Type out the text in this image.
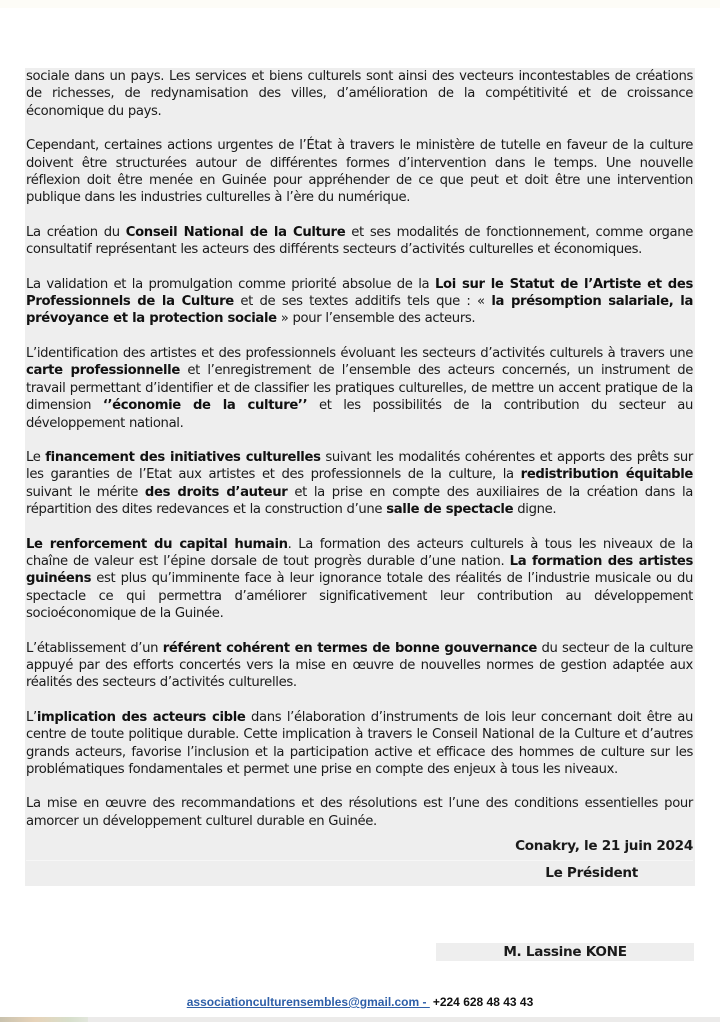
sociale dans un pays. Les services et biens culturels sont ainsi des vecteurs incontestables de créations de richesses, de redynamisation des villes, d’amélioration de la compétitivité et de croissance économique du pays.

Cependant, certaines actions urgentes de l’État à travers le ministère de tutelle en faveur de la culture doivent être structurées autour de différentes formes d’intervention dans le temps. Une nouvelle réflexion doit être menée en Guinée pour appréhender de ce que peut et doit être une intervention publique dans les industries culturelles à l’ère du numérique.

La création du Conseil National de la Culture et ses modalités de fonctionnement, comme organe consultatif représentant les acteurs des différents secteurs d’activités culturelles et économiques.

La validation et la promulgation comme priorité absolue de la Loi sur le Statut de l’Artiste et des Professionnels de la Culture et de ses textes additifs tels que : « la présomption salariale, la prévoyance et la protection sociale » pour l’ensemble des acteurs.

L’identification des artistes et des professionnels évoluant les secteurs d’activités culturels à travers une carte professionnelle et l’enregistrement de l’ensemble des acteurs concernés, un instrument de travail permettant d’identifier et de classifier les pratiques culturelles, de mettre un accent pratique de la dimension ‘’économie de la culture’’ et les possibilités de la contribution du secteur au développement national.

Le financement des initiatives culturelles suivant les modalités cohérentes et apports des prêts sur les garanties de l’Etat aux artistes et des professionnels de la culture, la redistribution équitable suivant le mérite des droits d’auteur et la prise en compte des auxiliaires de la création dans la répartition des dites redevances et la construction d’une salle de spectacle digne.

Le renforcement du capital humain. La formation des acteurs culturels à tous les niveaux de la chaîne de valeur est l’épine dorsale de tout progrès durable d’une nation. La formation des artistes guinéens est plus qu’imminente face à leur ignorance totale des réalités de l’industrie musicale ou du spectacle ce qui permettra d’améliorer significativement leur contribution au développement socioéconomique de la Guinée.

L’établissement d’un référent cohérent en termes de bonne gouvernance du secteur de la culture appuyé par des efforts concertés vers la mise en œuvre de nouvelles normes de gestion adaptée aux réalités des secteurs d’activités culturelles.

L’implication des acteurs cible dans l’élaboration d’instruments de lois leur concernant doit être au centre de toute politique durable. Cette implication à travers le Conseil National de la Culture et d’autres grands acteurs, favorise l’inclusion et la participation active et efficace des hommes de culture sur les problématiques fondamentales et permet une prise en compte des enjeux à tous les niveaux.

La mise en œuvre des recommandations et des résolutions est l’une des conditions essentielles pour amorcer un développement culturel durable en Guinée.

Conakry, le 21 juin 2024
Le Président
M. Lassine KONE
associationculturensembles@gmail.com - +224 628 48 43 43
